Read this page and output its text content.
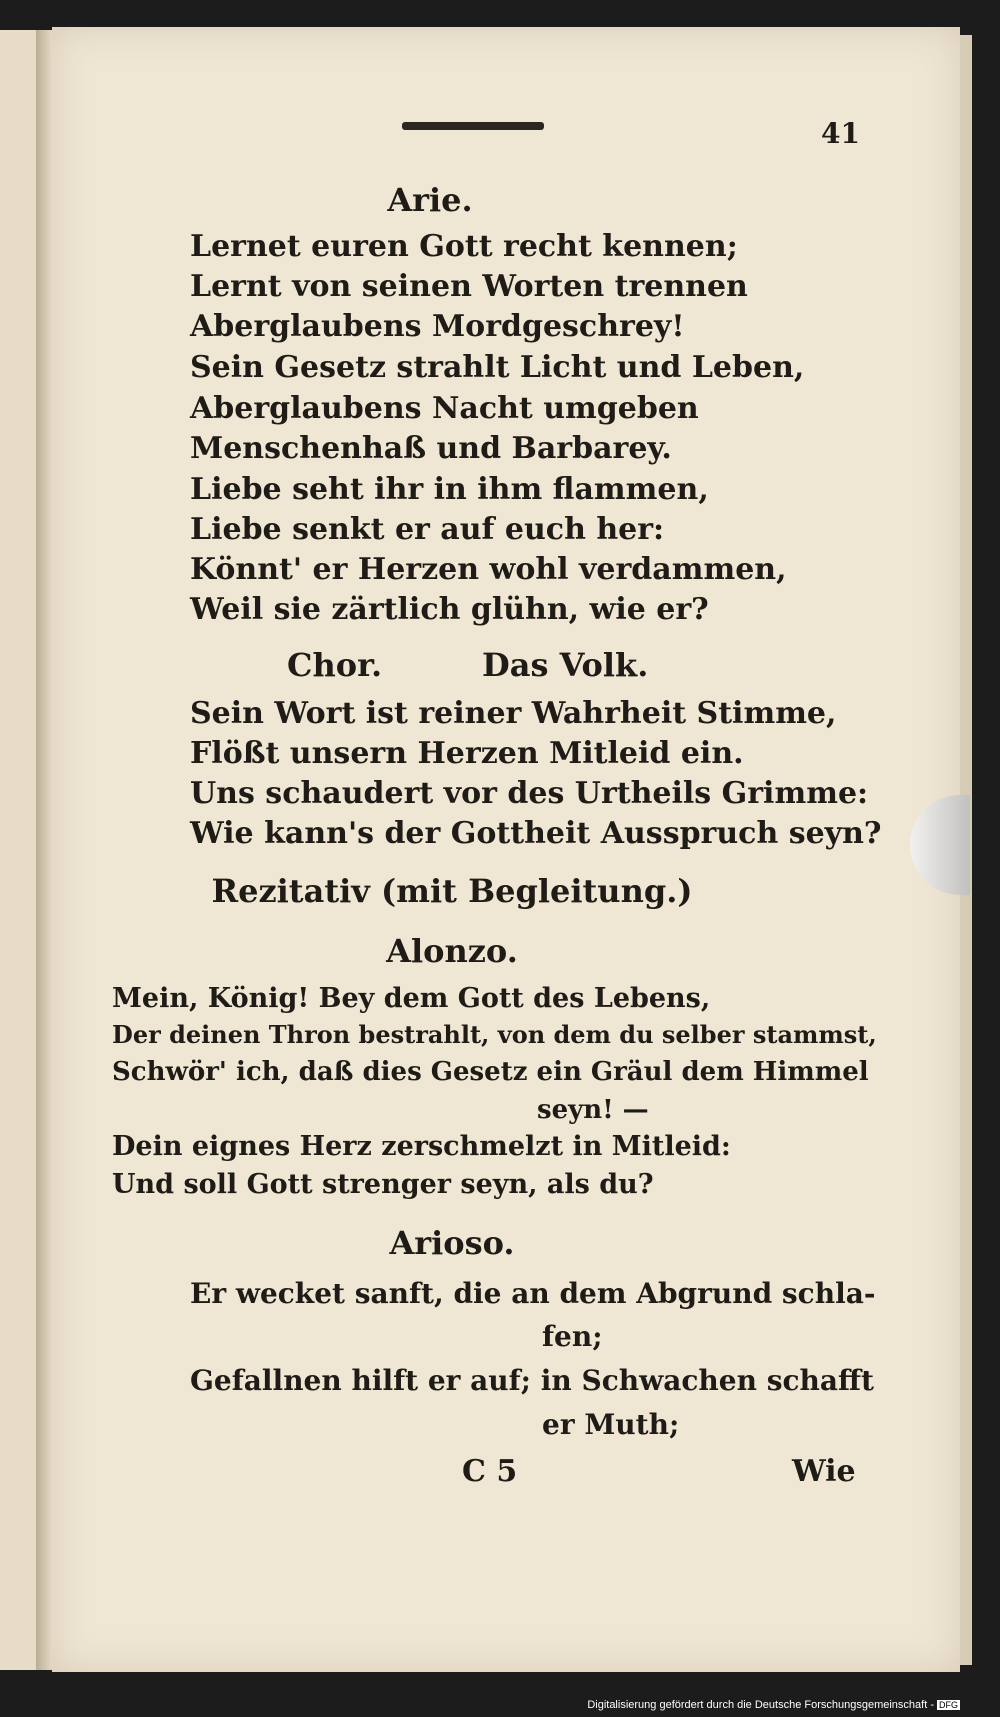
41
Arie.
Lernet euren Gott recht kennen;
Lernt von seinen Worten trennen
Aberglaubens Mordgeschrey!
Sein Gesetz strahlt Licht und Leben,
Aberglaubens Nacht umgeben
Menschenhaß und Barbarey.
Liebe seht ihr in ihm flammen,
Liebe senkt er auf euch her:
Könnt' er Herzen wohl verdammen,
Weil sie zärtlich glühn, wie er?
Chor.	Das Volk.
Sein Wort ist reiner Wahrheit Stimme,
Flößt unsern Herzen Mitleid ein.
Uns schaudert vor des Urtheils Grimme:
Wie kann's der Gottheit Ausspruch seyn?
Rezitativ (mit Begleitung.)
Alonzo.
Mein, König! Bey dem Gott des Lebens,
Der deinen Thron bestrahlt, von dem du selber stammst,
Schwör' ich, daß dies Gesetz ein Gräul dem Himmel
seyn! —
Dein eignes Herz zerschmelzt in Mitleid:
Und soll Gott strenger seyn, als du?
Arioso.
Er wecket sanft, die an dem Abgrund schla-
fen;
Gefallnen hilft er auf; in Schwachen schafft
er Muth;
C 5	Wie
Digitalisierung gefördert durch die Deutsche Forschungsgemeinschaft - DFG
